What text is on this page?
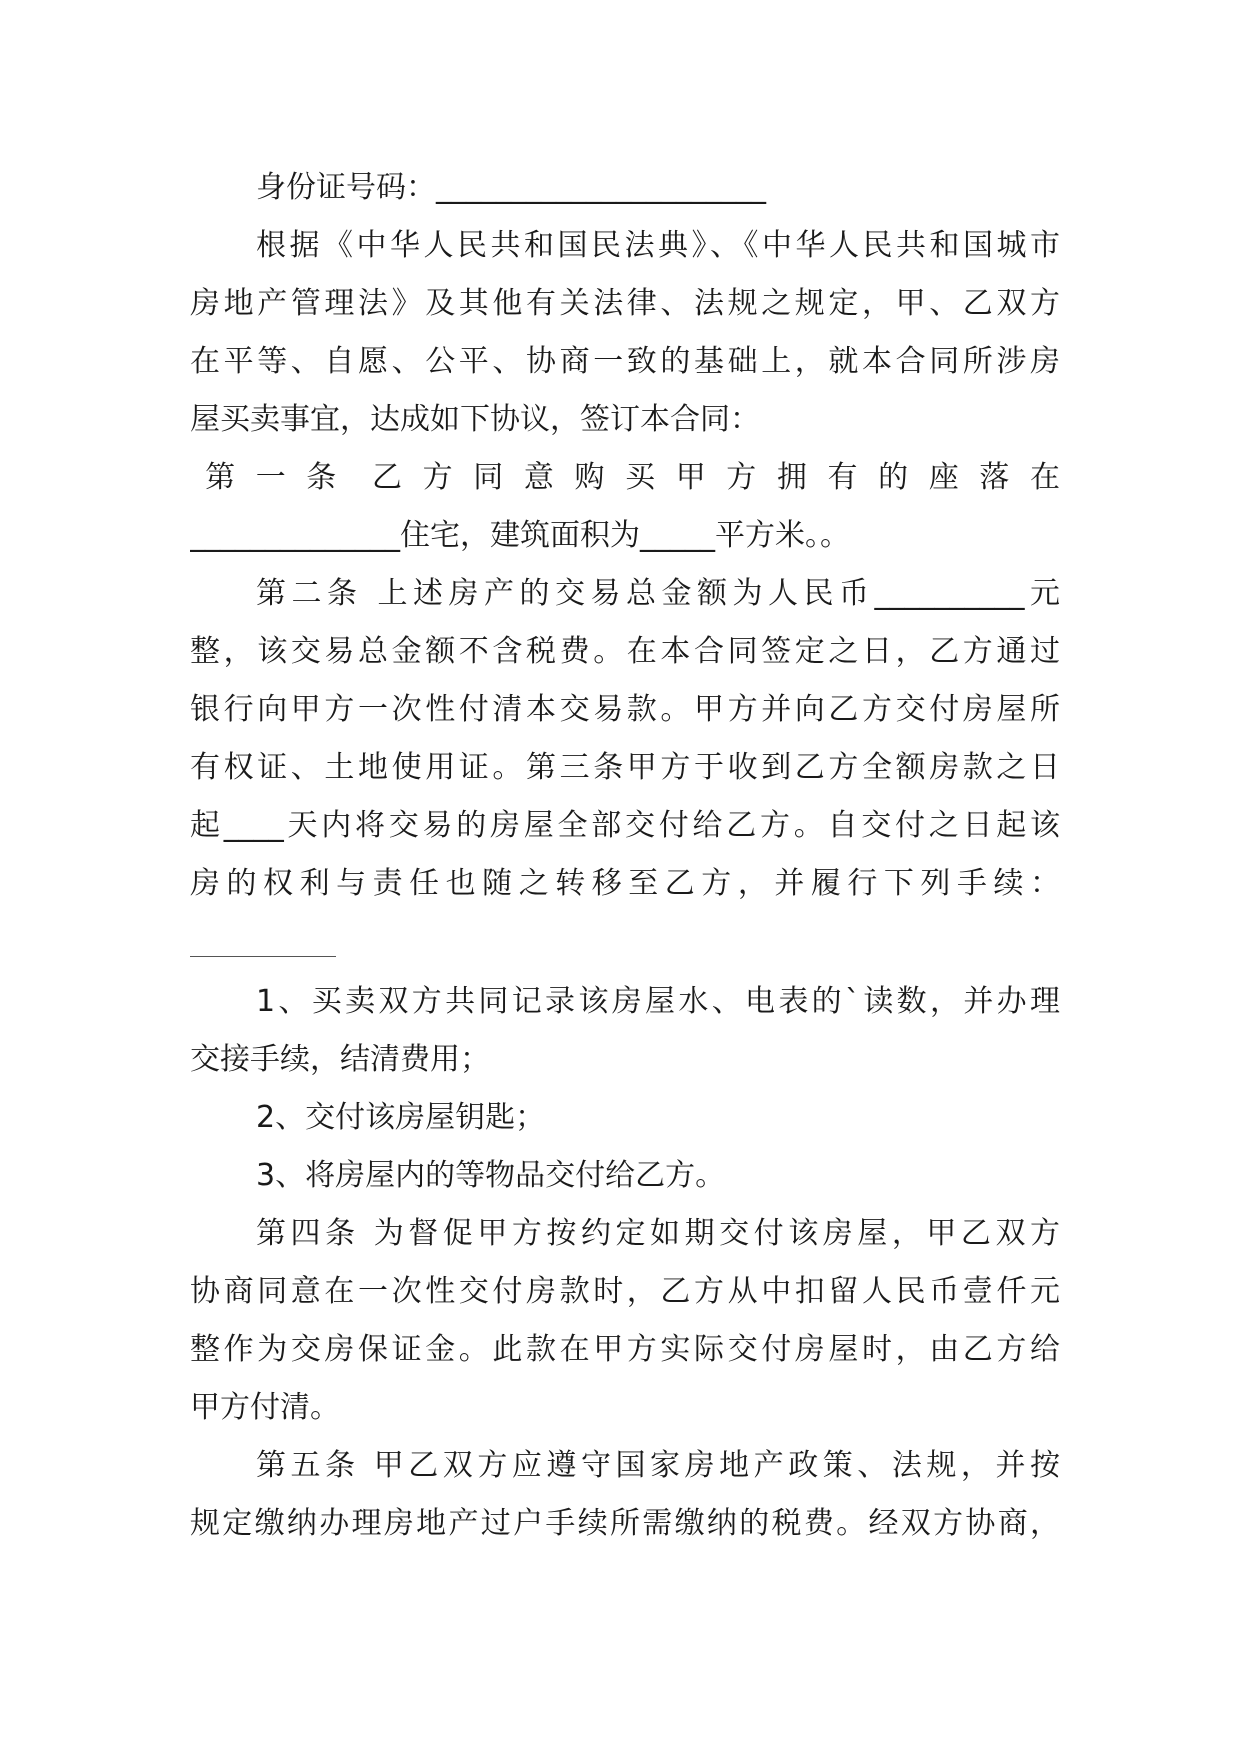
身份证号码：______________________
根据《中华人民共和国民法典》、《中华人民共和国城市
房地产管理法》及其他有关法律、法规之规定，甲、乙双方
在平等、自愿、公平、协商一致的基础上，就本合同所涉房
屋买卖事宜，达成如下协议，签订本合同：
第 一 条  乙 方 同 意 购 买 甲 方 拥 有 的 座 落 在
______________住宅，建筑面积为_____平方米。。
第二条 上述房产的交易总金额为人民币__________元
整，该交易总金额不含税费。在本合同签定之日，乙方通过
银行向甲方一次性付清本交易款。甲方并向乙方交付房屋所
有权证、土地使用证。第三条甲方于收到乙方全额房款之日
起____天内将交易的房屋全部交付给乙方。自交付之日起该
房的权利与责任也随之转移至乙方，并履行下列手续：
1、买卖双方共同记录该房屋水、电表的`读数，并办理
交接手续，结清费用；
2、交付该房屋钥匙；
3、将房屋内的等物品交付给乙方。
第四条 为督促甲方按约定如期交付该房屋，甲乙双方
协商同意在一次性交付房款时，乙方从中扣留人民币壹仟元
整作为交房保证金。此款在甲方实际交付房屋时，由乙方给
甲方付清。
第五条 甲乙双方应遵守国家房地产政策、法规，并按
规定缴纳办理房地产过户手续所需缴纳的税费。经双方协商，
